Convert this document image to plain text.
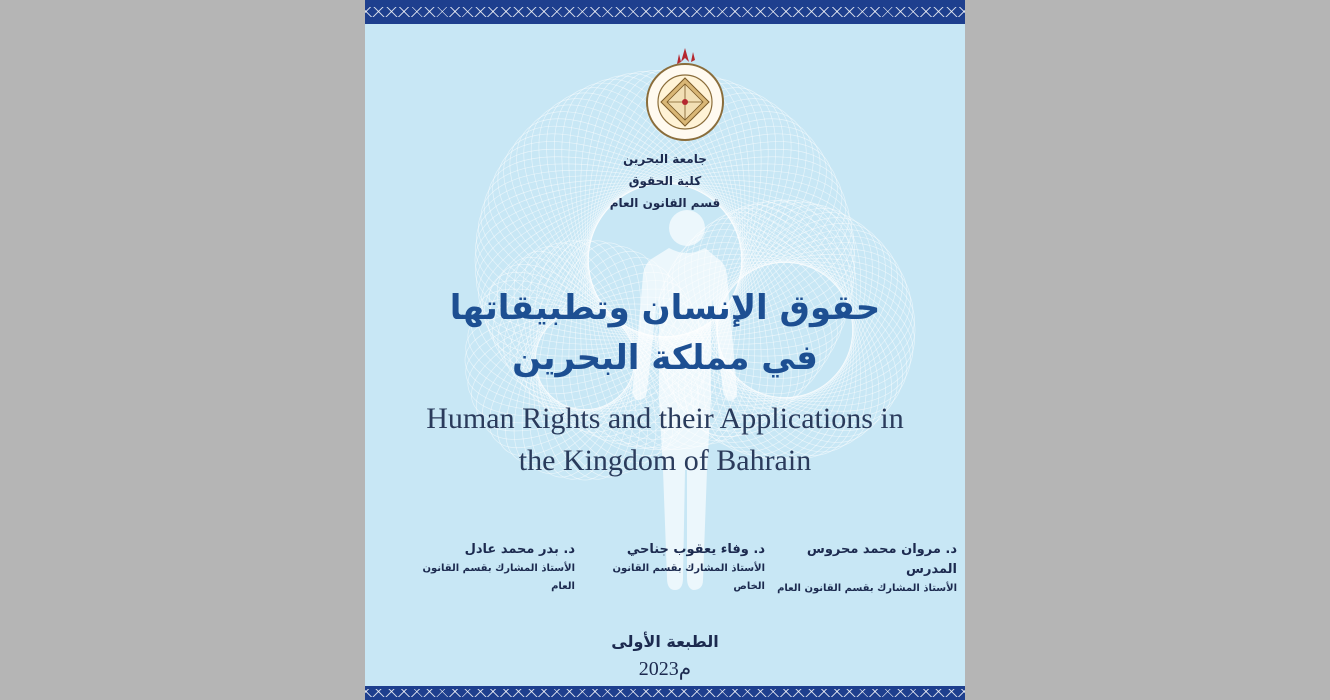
جامعة البحرين
كلية الحقوق
قسم القانون العام
حقوق الإنسان وتطبيقاتها
في مملكة البحرين
Human Rights and their Applications in
the Kingdom of Bahrain
د. مروان محمد محروس المدرس
الأستاذ المشارك بقسم القانون العام
د. وفاء يعقوب جناحي
الأستاذ المشارك بقسم القانون الخاص
د. بدر محمد عادل
الأستاذ المشارك بقسم القانون العام
الطبعة الأولى
2023م
